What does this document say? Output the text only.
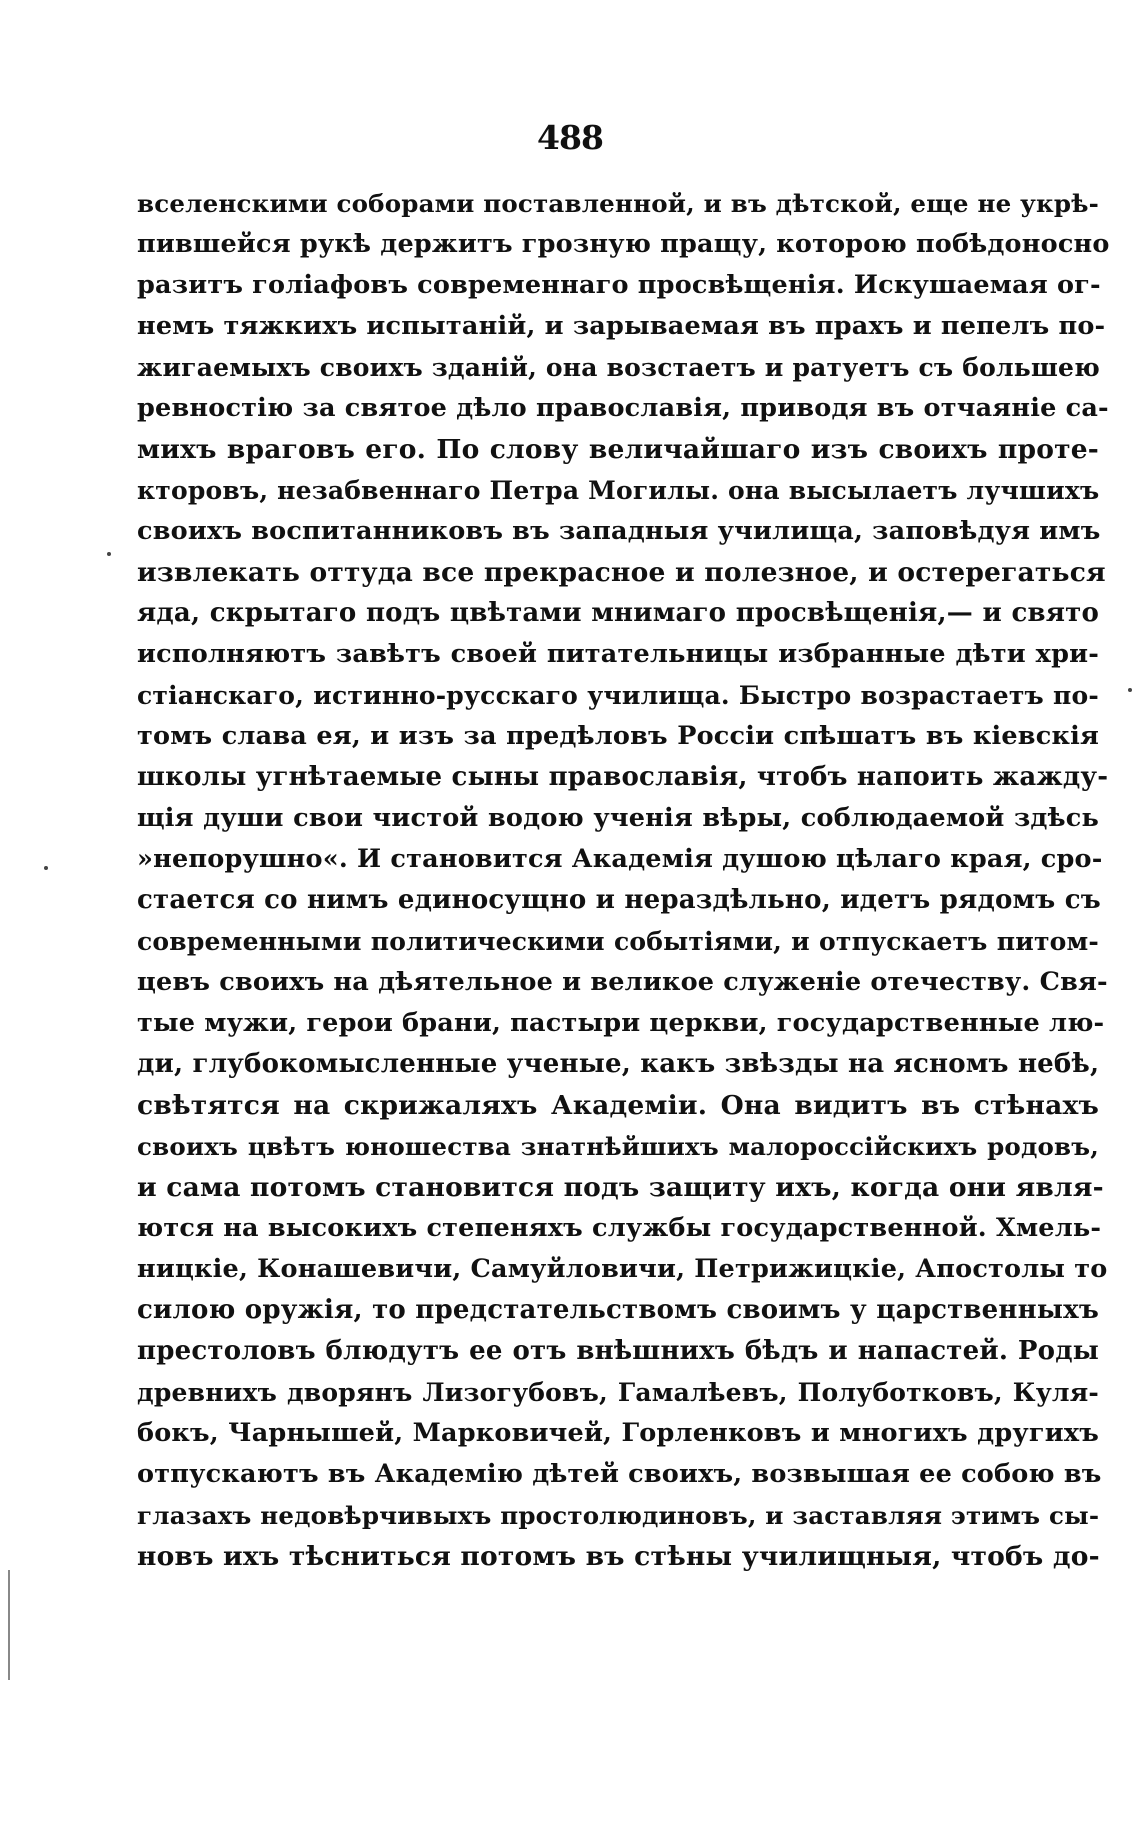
488
вселенскими соборами поставленной, и въ дѣтской, еще не укрѣ-
пившейся рукѣ держитъ грозную пращу, которою побѣдоносно
разитъ голіафовъ современнаго просвѣщенія. Искушаемая ог-
немъ тяжкихъ испытаній, и зарываемая въ прахъ и пепелъ по-
жигаемыхъ своихъ зданій, она возстаетъ и ратуетъ съ большею
ревностію за святое дѣло православія, приводя въ отчаяніе са-
михъ враговъ его. По слову величайшаго изъ своихъ протe-
кторовъ, незабвеннаго Петра Могилы. она высылаетъ лучшихъ
своихъ воспитанниковъ въ западныя училища, заповѣдуя имъ
извлекать оттуда все прекрасное и полезное, и остерегаться
яда, скрытаго подъ цвѣтами мнимаго просвѣщенія,— и свято
исполняютъ завѣтъ своей питательницы избранные дѣти хри-
стіанскаго, истинно-русскаго училища. Быстро возрастаетъ по-
томъ слава ея, и изъ за предѣловъ Россіи спѣшатъ въ кіевскія
школы угнѣтаемые сыны православія, чтобъ напоить жажду-
щія души свои чистой водою ученія вѣры, соблюдаемой здѣсь
»непорушно«. И становится Академія душою цѣлаго края, сро-
стается со нимъ единосущно и нераздѣльно, идетъ рядомъ съ
современными политическими событіями, и отпускаетъ питом-
цевъ своихъ на дѣятельное и великое служеніе отечеству. Свя-
тые мужи, герои брани, пастыри церкви, государственные лю-
ди, глубокомысленные ученые, какъ звѣзды на ясномъ небѣ,
свѣтятся на скрижаляхъ Академіи. Она видитъ въ стѣнахъ
своихъ цвѣтъ юношества знатнѣйшихъ малороссійскихъ родовъ,
и сама потомъ становится подъ защиту ихъ, когда они явля-
ются на высокихъ степеняхъ службы государственной. Хмель-
ницкіе, Конашевичи, Самуйловичи, Петрижицкіе, Апостолы то
силою оружія, то предстательствомъ своимъ у царственныхъ
престоловъ блюдутъ ее отъ внѣшнихъ бѣдъ и напастей. Роды
древнихъ дворянъ Лизогубовъ, Гамалѣевъ, Полуботковъ, Куля-
бокъ, Чарнышей, Марковичей, Горленковъ и многихъ другихъ
отпускаютъ въ Академію дѣтей своихъ, возвышая ее собою въ
глазахъ недовѣрчивыхъ простолюдиновъ, и заставляя этимъ сы-
новъ ихъ тѣсниться потомъ въ стѣны училищныя, чтобъ до-
